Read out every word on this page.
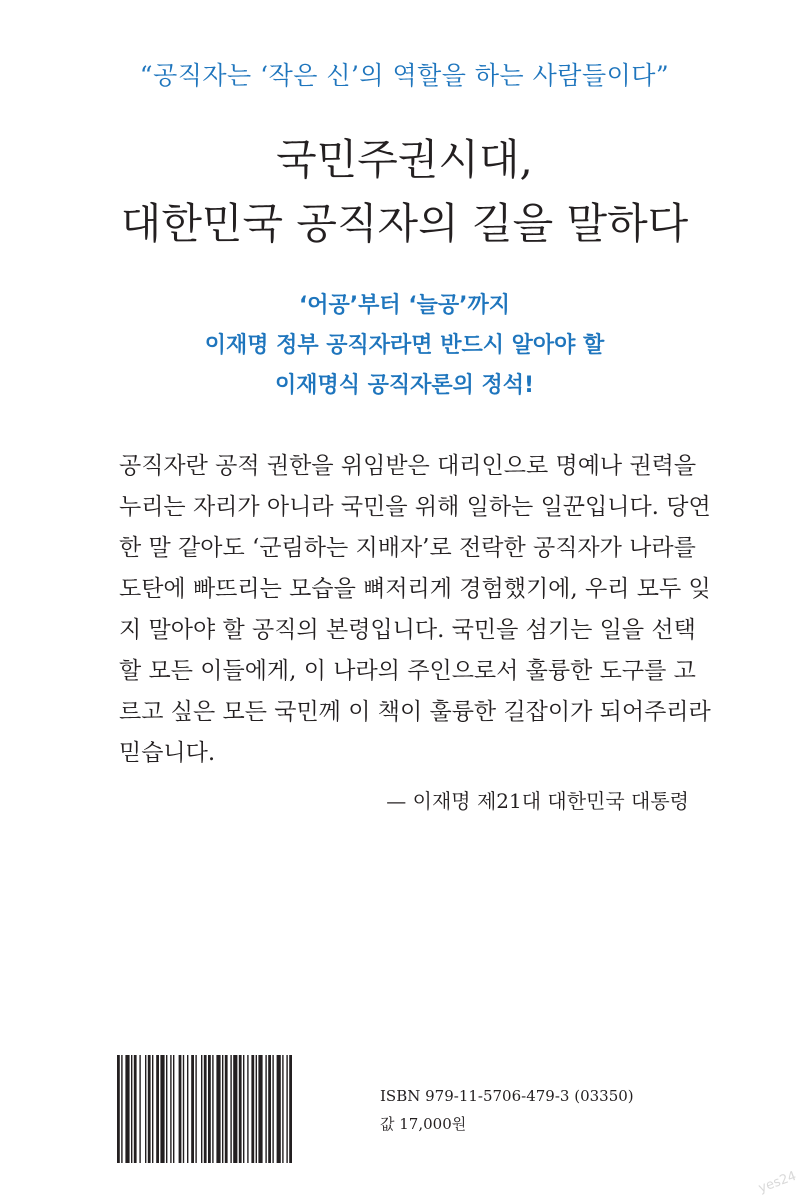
“공직자는 ‘작은 신’의 역할을 하는 사람들이다”
국민주권시대,
대한민국 공직자의 길을 말하다
‘어공’부터 ‘늘공’까지
이재명 정부 공직자라면 반드시 알아야 할
이재명식 공직자론의 정석!
공직자란 공적 권한을 위임받은 대리인으로 명예나 권력을
누리는 자리가 아니라 국민을 위해 일하는 일꾼입니다. 당연
한 말 같아도 ‘군림하는 지배자’로 전락한 공직자가 나라를
도탄에 빠뜨리는 모습을 뼈저리게 경험했기에, 우리 모두 잊
지 말아야 할 공직의 본령입니다. 국민을 섬기는 일을 선택
할 모든 이들에게, 이 나라의 주인으로서 훌륭한 도구를 고
르고 싶은 모든 국민께 이 책이 훌륭한 길잡이가 되어주리라
믿습니다.
— 이재명 제21대 대한민국 대통령
ISBN 979-11-5706-479-3 (03350)
값 17,000원
yes24
